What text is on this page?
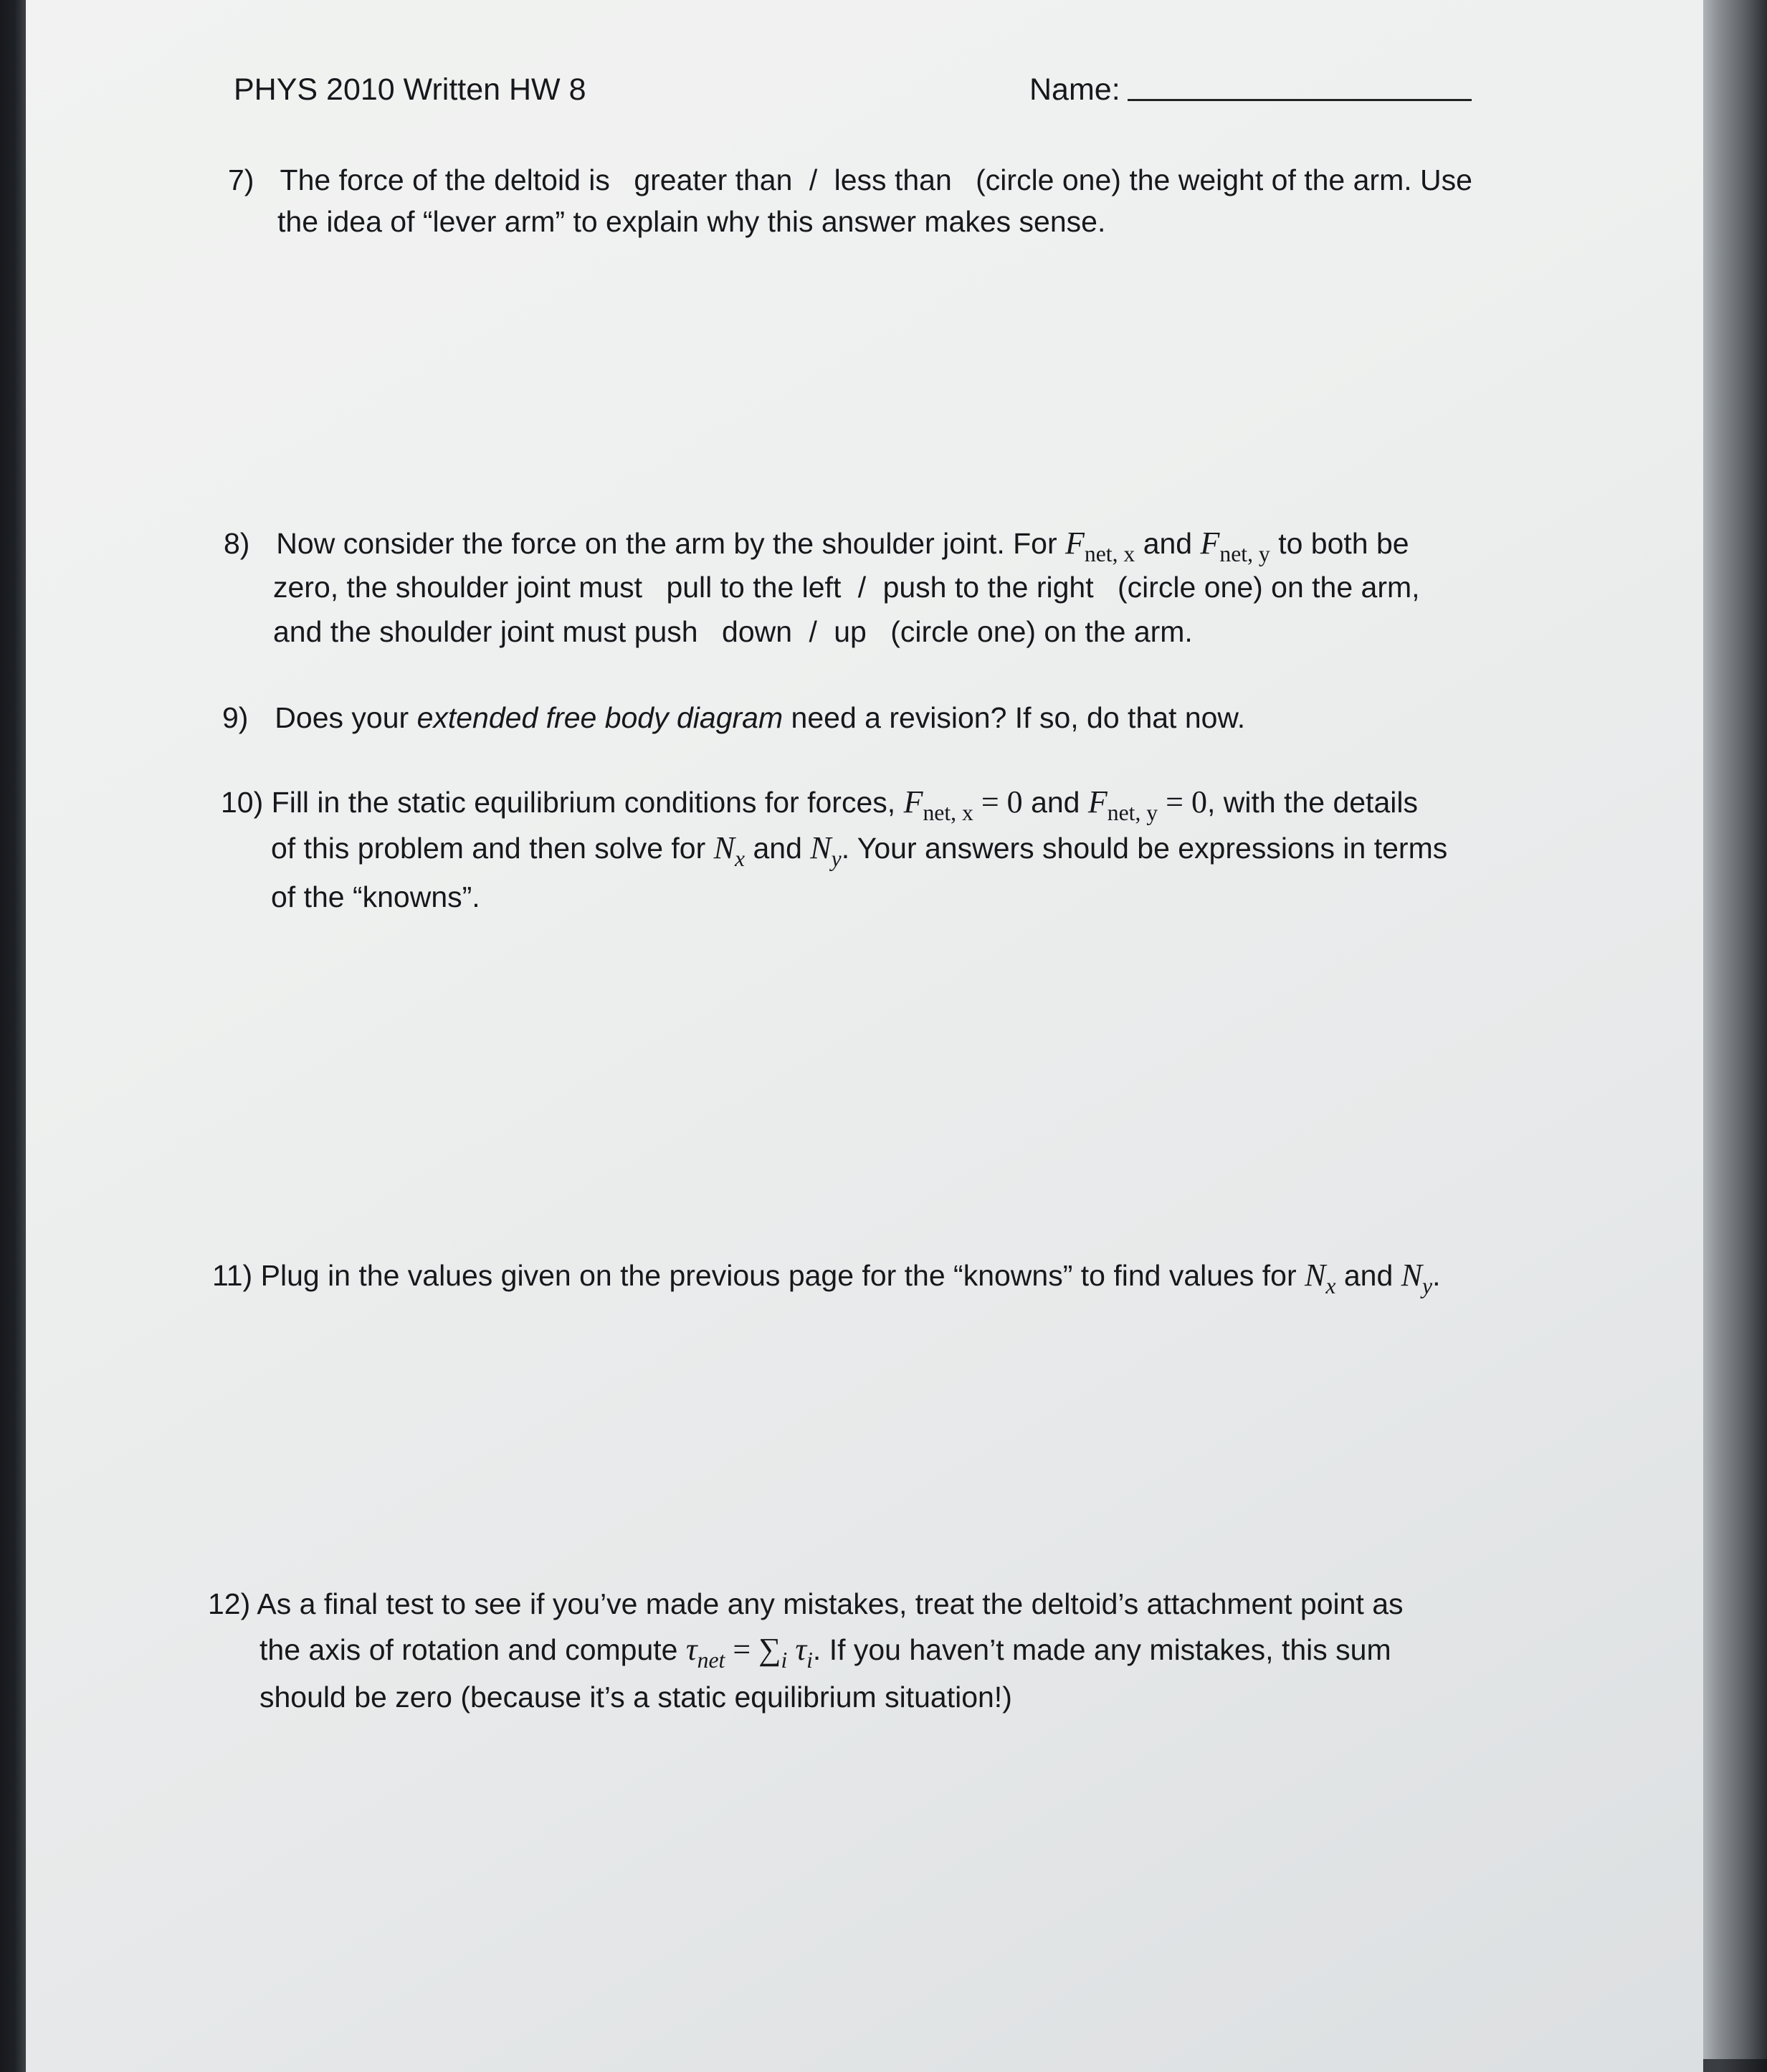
PHYS 2010 Written HW 8	Name:
7) The force of the deltoid is greater than / less than (circle one) the weight of the arm. Use
the idea of “lever arm” to explain why this answer makes sense.
8) Now consider the force on the arm by the shoulder joint. For $F_{net, x}$ and $F_{net, y}$ to both be
zero, the shoulder joint must pull to the left / push to the right (circle one) on the arm,
and the shoulder joint must push down / up (circle one) on the arm.
9) Does your extended free body diagram need a revision? If so, do that now.
10) Fill in the static equilibrium conditions for forces, $F_{net, x} = 0$ and $F_{net, y} = 0$, with the details
of this problem and then solve for $N_x$ and $N_y$. Your answers should be expressions in terms
of the “knowns”.
11) Plug in the values given on the previous page for the “knowns” to find values for $N_x$ and $N_y$.
12) As a final test to see if you’ve made any mistakes, treat the deltoid’s attachment point as
the axis of rotation and compute $\tau_{net} = \sum_i$ $\tau_i$. If you haven’t made any mistakes, this sum
should be zero (because it’s a static equilibrium situation!)
